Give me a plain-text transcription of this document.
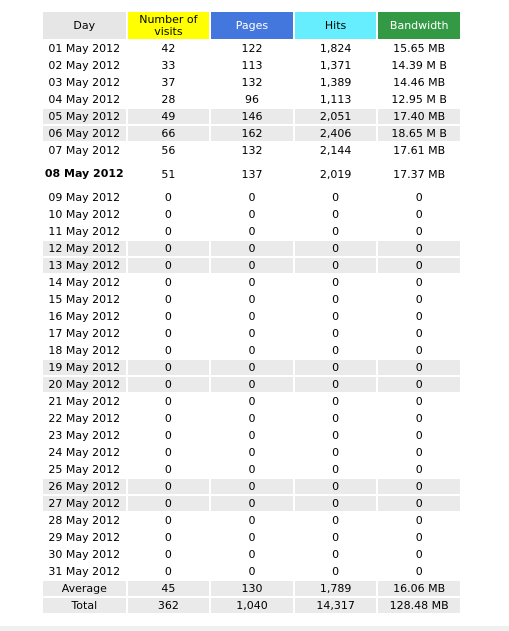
Day	Number of visits	Pages	Hits	Bandwidth
01 May 2012	42	122	1,824	15.65 MB
02 May 2012	33	113	1,371	14.39 M B
03 May 2012	37	132	1,389	14.46 MB
04 May 2012	28	96	1,113	12.95 M B
05 May 2012	49	146	2,051	17.40 MB
06 May 2012	66	162	2,406	18.65 M B
07 May 2012	56	132	2,144	17.61 MB
08 May 2012	51	137	2,019	17.37 MB
09 May 2012	0	0	0	0
10 May 2012	0	0	0	0
11 May 2012	0	0	0	0
12 May 2012	0	0	0	0
13 May 2012	0	0	0	0
14 May 2012	0	0	0	0
15 May 2012	0	0	0	0
16 May 2012	0	0	0	0
17 May 2012	0	0	0	0
18 May 2012	0	0	0	0
19 May 2012	0	0	0	0
20 May 2012	0	0	0	0
21 May 2012	0	0	0	0
22 May 2012	0	0	0	0
23 May 2012	0	0	0	0
24 May 2012	0	0	0	0
25 May 2012	0	0	0	0
26 May 2012	0	0	0	0
27 May 2012	0	0	0	0
28 May 2012	0	0	0	0
29 May 2012	0	0	0	0
30 May 2012	0	0	0	0
31 May 2012	0	0	0	0
Average	45	130	1,789	16.06 MB
Total	362	1,040	14,317	128.48 MB
